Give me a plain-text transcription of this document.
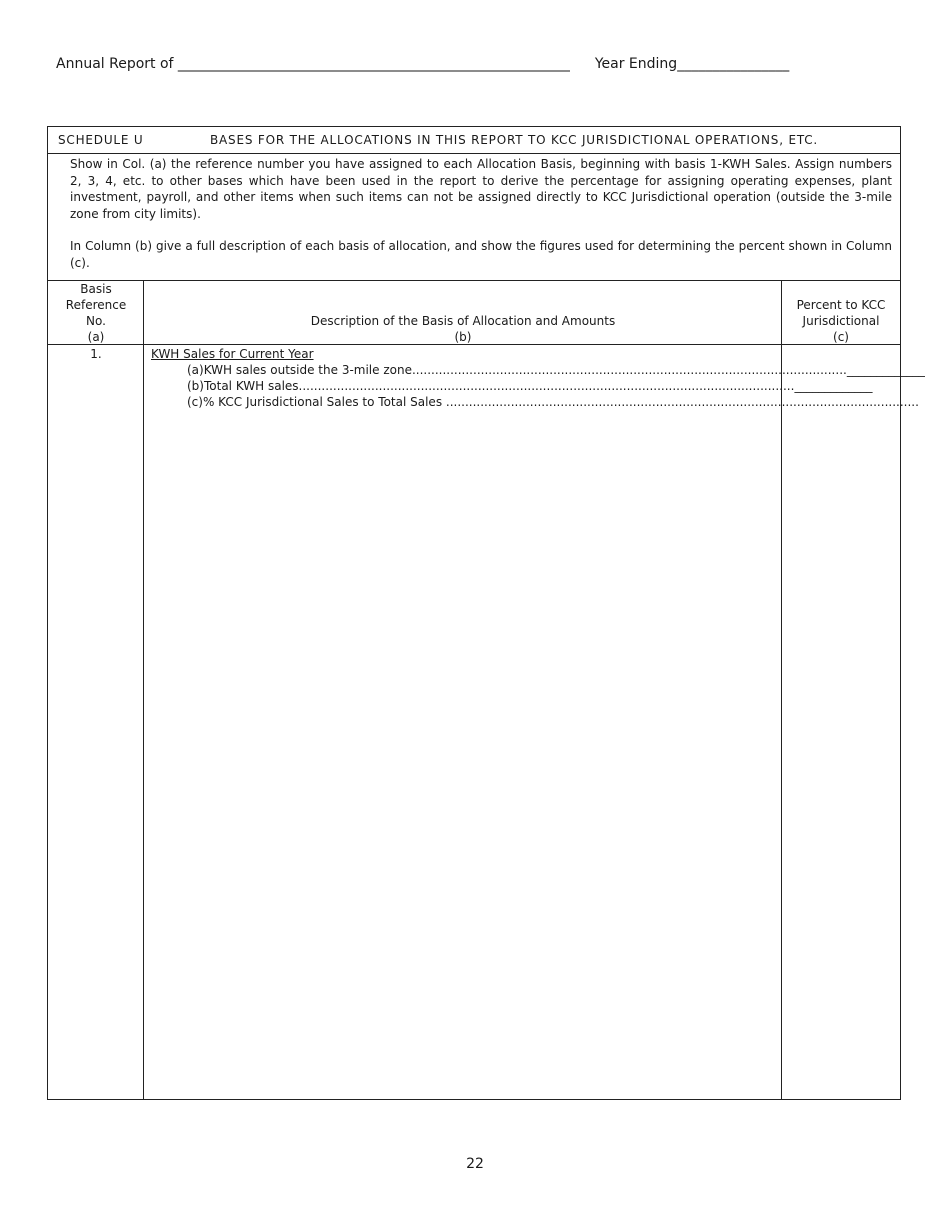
Annual Report of ________________________________________________________ Year Ending________________
SCHEDULE U	BASES FOR THE ALLOCATIONS IN THIS REPORT TO KCC JURISDICTIONAL OPERATIONS, ETC.

Show in Col. (a) the reference number you have assigned to each Allocation Basis, beginning with basis 1-KWH Sales. Assign numbers 2, 3, 4, etc. to other bases which have been used in the report to derive the percentage for assigning operating expenses, plant investment, payroll, and other items when such items can not be assigned directly to KCC Jurisdictional operation (outside the 3-mile zone from city limits).

In Column (b) give a full description of each basis of allocation, and show the figures used for determining the percent shown in Column (c).

Basis
Reference
No.
(a)
Description of the Basis of Allocation and Amounts
(b)
Percent to KCC
Jurisdictional
(c)
1.	KWH Sales for Current Year
(a) KWH sales outside the 3-mile zone .................................................................................................................. _____________
(b) Total KWH sales .................................................................................................................................. _____________
(c) % KCC Jurisdictional Sales to Total Sales .................................................................................................. ..........................
22
